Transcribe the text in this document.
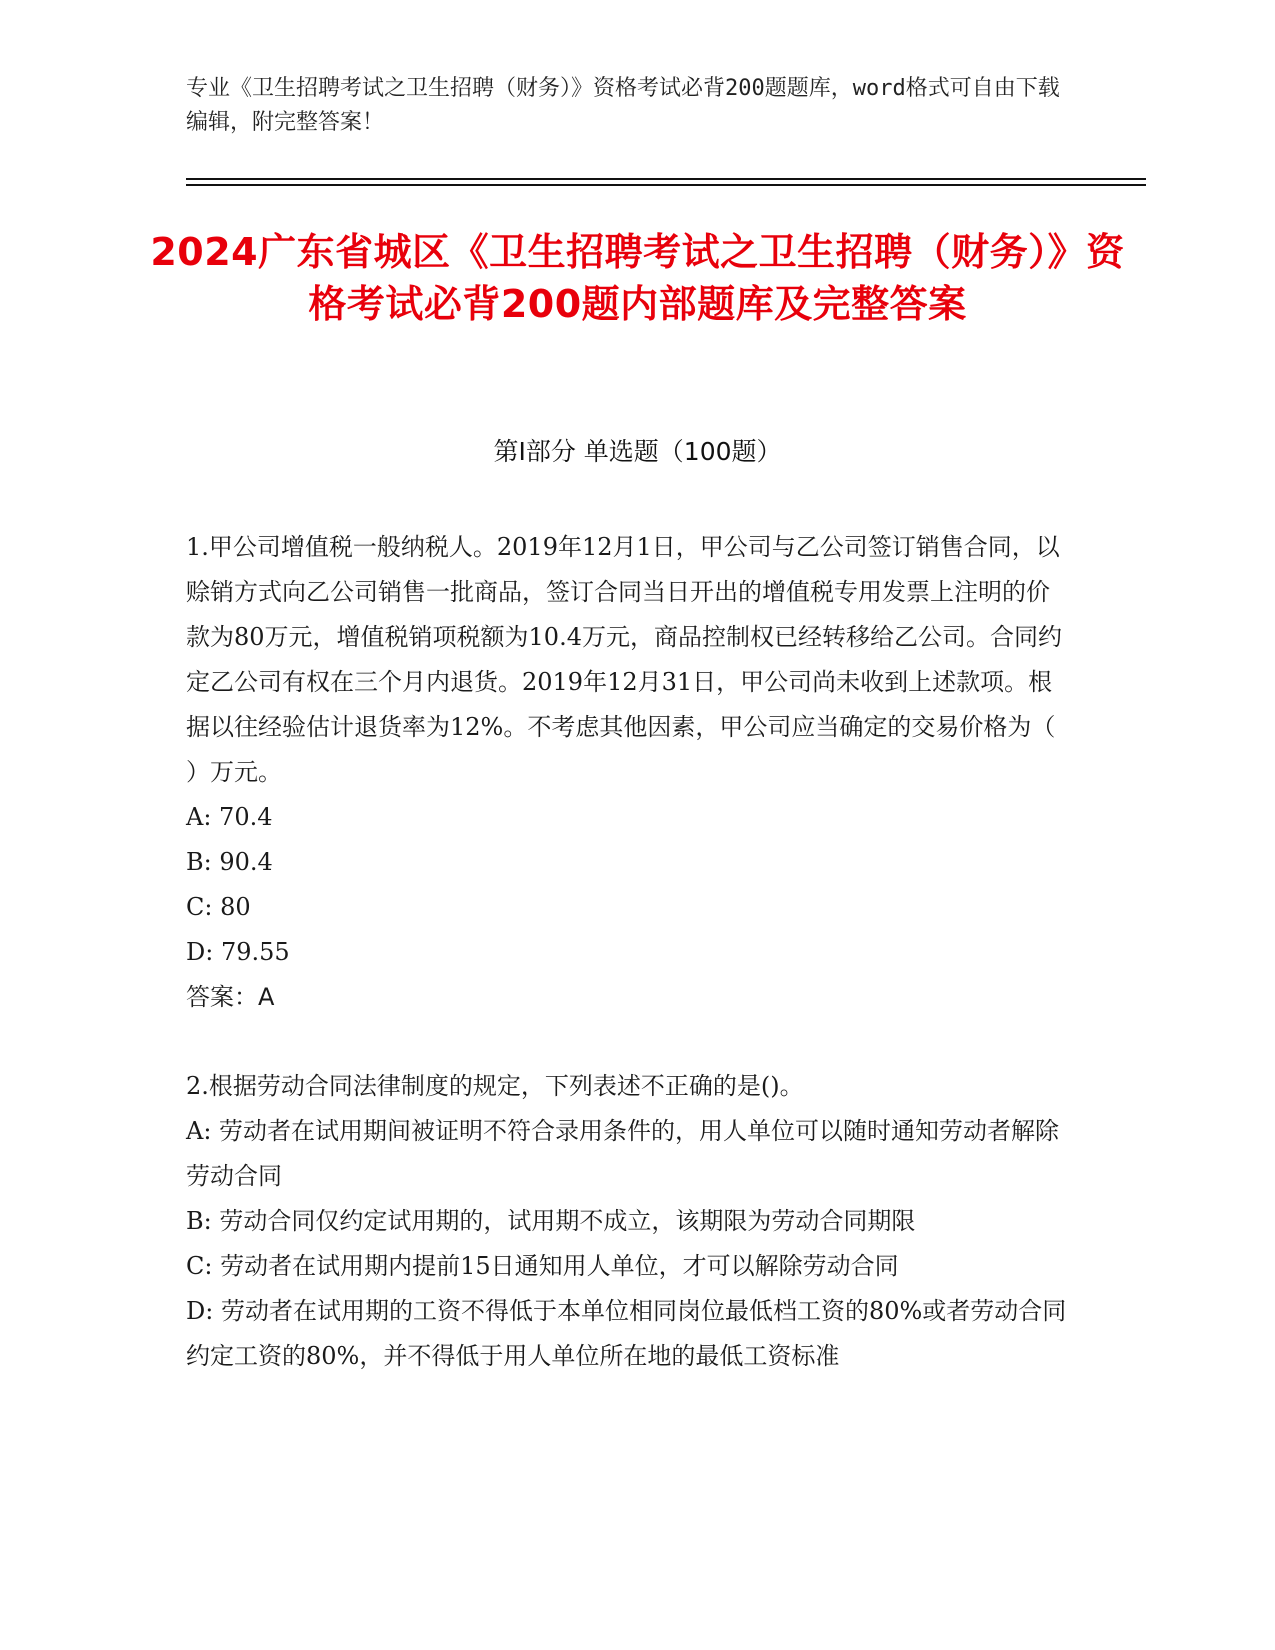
专业《卫生招聘考试之卫生招聘（财务）》资格考试必背200题题库，word格式可自由下载编辑，附完整答案！
2024广东省城区《卫生招聘考试之卫生招聘（财务）》资格考试必背200题内部题库及完整答案
第Ⅰ部分 单选题（100题）

1.甲公司增值税一般纳税人。2019年12月1日，甲公司与乙公司签订销售合同，以赊销方式向乙公司销售一批商品，签订合同当日开出的增值税专用发票上注明的价款为80万元，增值税销项税额为10.4万元，商品控制权已经转移给乙公司。合同约定乙公司有权在三个月内退货。2019年12月31日，甲公司尚未收到上述款项。根据以往经验估计退货率为12%。不考虑其他因素，甲公司应当确定的交易价格为（ ）万元。

A: 70.4

B: 90.4

C: 80

D: 79.55

答案：A

2.根据劳动合同法律制度的规定，下列表述不正确的是()。

A: 劳动者在试用期间被证明不符合录用条件的，用人单位可以随时通知劳动者解除劳动合同

B: 劳动合同仅约定试用期的，试用期不成立，该期限为劳动合同期限

C: 劳动者在试用期内提前15日通知用人单位，才可以解除劳动合同

D: 劳动者在试用期的工资不得低于本单位相同岗位最低档工资的80%或者劳动合同约定工资的80%，并不得低于用人单位所在地的最低工资标准
